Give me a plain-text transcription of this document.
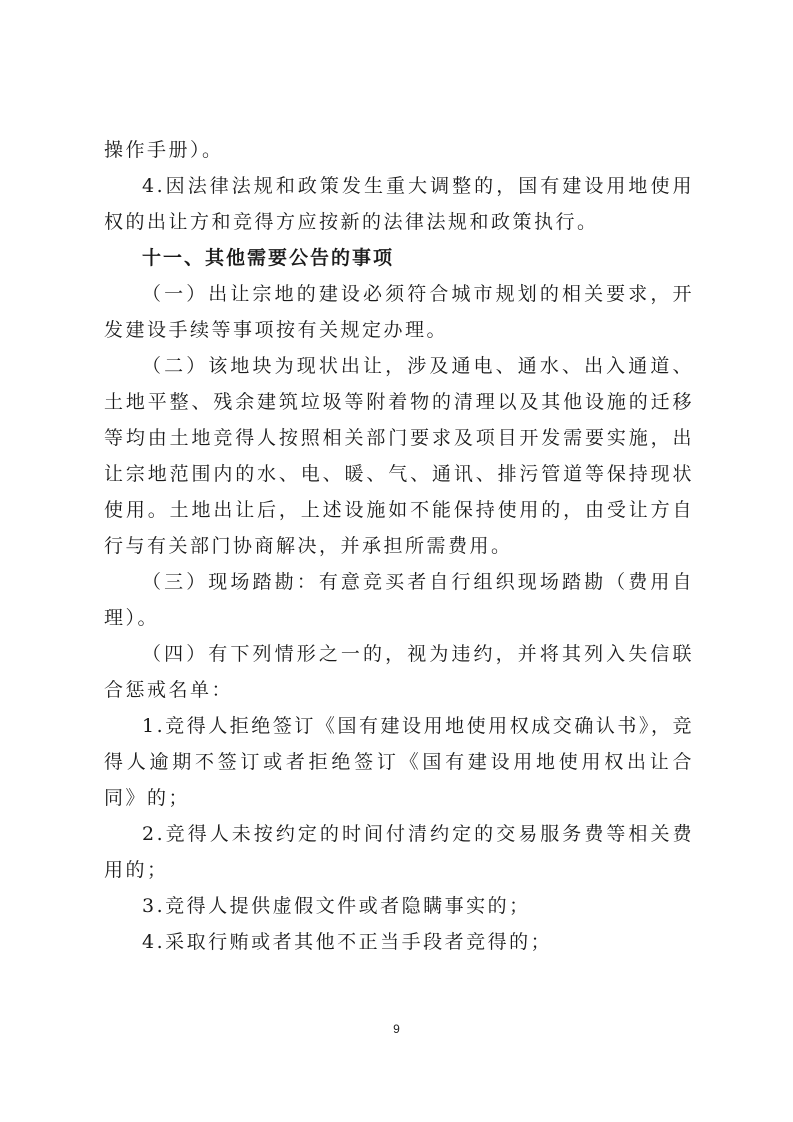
操作手册）。

4.因法律法规和政策发生重大调整的，国有建设用地使用权的出让方和竞得方应按新的法律法规和政策执行。

十一、其他需要公告的事项

（一）出让宗地的建设必须符合城市规划的相关要求，开发建设手续等事项按有关规定办理。

（二）该地块为现状出让，涉及通电、通水、出入通道、土地平整、残余建筑垃圾等附着物的清理以及其他设施的迁移等均由土地竞得人按照相关部门要求及项目开发需要实施，出让宗地范围内的水、电、暖、气、通讯、排污管道等保持现状使用。土地出让后，上述设施如不能保持使用的，由受让方自行与有关部门协商解决，并承担所需费用。

（三）现场踏勘：有意竞买者自行组织现场踏勘（费用自理）。

（四）有下列情形之一的，视为违约，并将其列入失信联合惩戒名单：

1.竞得人拒绝签订《国有建设用地使用权成交确认书》，竞得人逾期不签订或者拒绝签订《国有建设用地使用权出让合同》的；

2.竞得人未按约定的时间付清约定的交易服务费等相关费用的；

3.竞得人提供虚假文件或者隐瞒事实的；

4.采取行贿或者其他不正当手段者竞得的；

9
